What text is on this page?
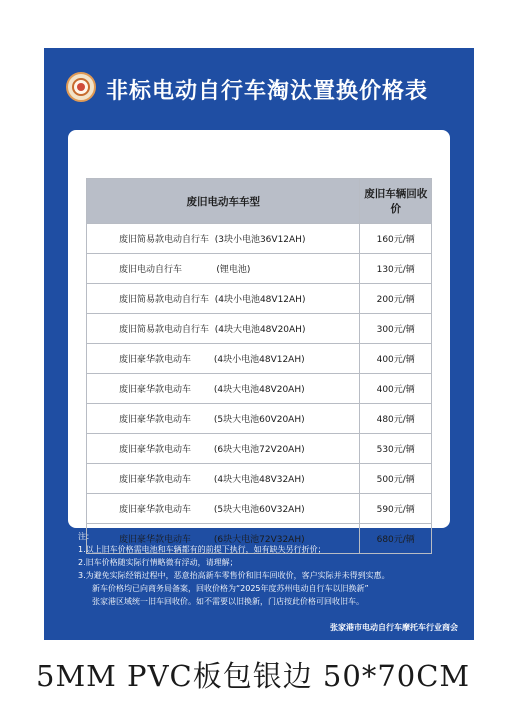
非标电动自行车淘汰置换价格表
废旧电动车车型	废旧车辆回收价
废旧简易款电动自行车  (3块小电池36V12AH)	160元/辆
废旧电动自行车            (锂电池)	130元/辆
废旧简易款电动自行车  (4块小电池48V12AH)	200元/辆
废旧简易款电动自行车  (4块大电池48V20AH)	300元/辆
废旧豪华款电动车        (4块小电池48V12AH)	400元/辆
废旧豪华款电动车        (4块大电池48V20AH)	400元/辆
废旧豪华款电动车        (5块大电池60V20AH)	480元/辆
废旧豪华款电动车        (6块大电池72V20AH)	530元/辆
废旧豪华款电动车        (4块大电池48V32AH)	500元/辆
废旧豪华款电动车        (5块大电池60V32AH)	590元/辆
废旧豪华款电动车        (6块大电池72V32AH)	680元/辆
注：
1.以上旧车价格需电池和车辆都有的前提下执行，如有缺失另行折价；
2.旧车价格随实际行情略微有浮动，请理解；
3.为避免实际经销过程中，恶意抬高新车零售价和旧车回收价，客户实际并未得到实惠。
新车价格均已向商务局备案，回收价格为“2025年度苏州电动自行车以旧换新”
张家港区域统一旧车回收价。如不需要以旧换新，门店按此价格可回收旧车。
张家港市电动自行车摩托车行业商会
5MM PVC板包银边 50*70CM
